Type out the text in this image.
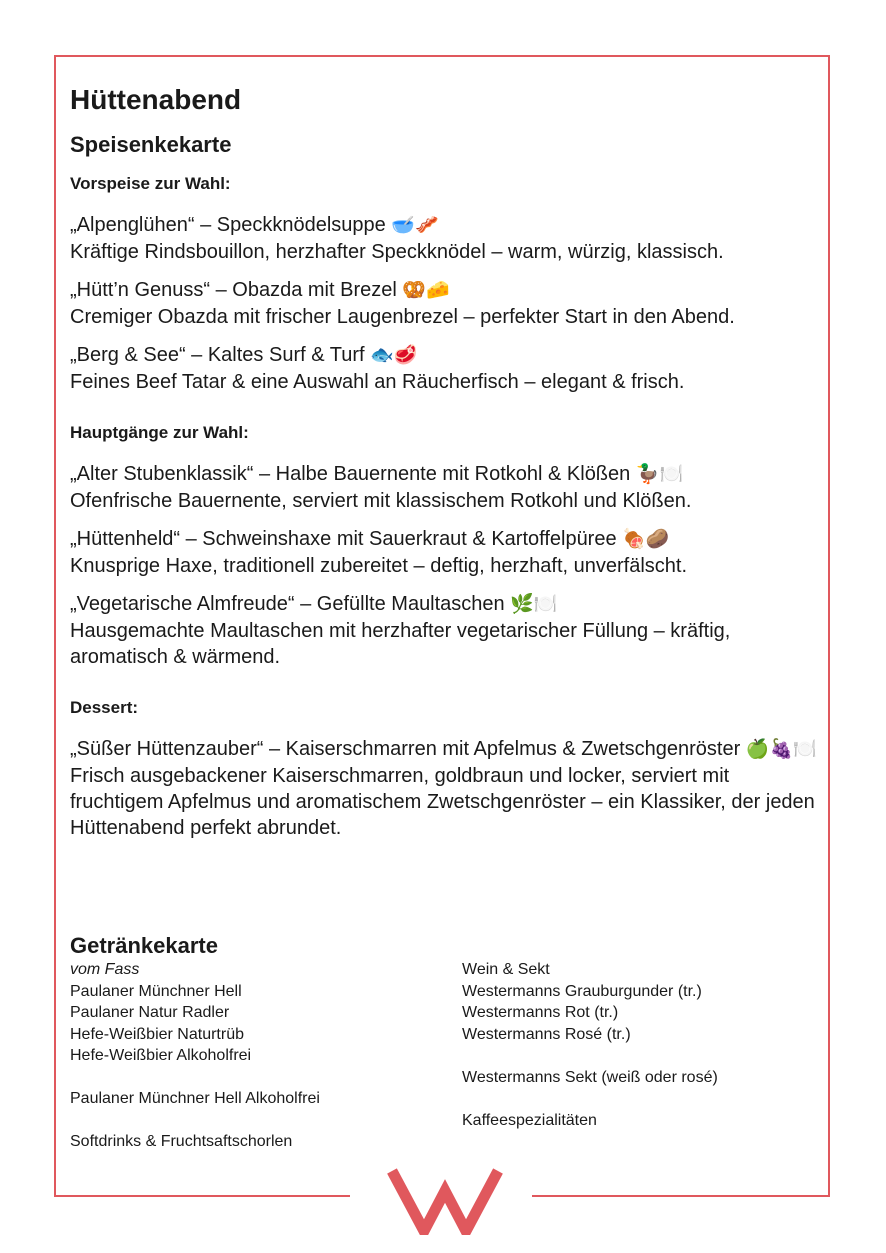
Hüttenabend
Speisenkekarte
Vorspeise zur Wahl:
„Alpenglühen“ – Speckknödelsuppe 🥣🥓
Kräftige Rindsbouillon, herzhafter Speckknödel – warm, würzig, klassisch.
„Hütt’n Genuss“ – Obazda mit Brezel 🥨🧀
Cremiger Obazda mit frischer Laugenbrezel – perfekter Start in den Abend.
„Berg & See“ – Kaltes Surf & Turf 🐟🥩
Feines Beef Tatar & eine Auswahl an Räucherfisch – elegant & frisch.
Hauptgänge zur Wahl:
„Alter Stubenklassik“ – Halbe Bauernente mit Rotkohl & Klößen 🦆🍽️
Ofenfrische Bauernente, serviert mit klassischem Rotkohl und Klößen.
„Hüttenheld“ – Schweinshaxe mit Sauerkraut & Kartoffelpüree 🍖🥔
Knusprige Haxe, traditionell zubereitet – deftig, herzhaft, unverfälscht.
„Vegetarische Almfreude“ – Gefüllte Maultaschen 🌿🍽️
Hausgemachte Maultaschen mit herzhafter vegetarischer Füllung – kräftig, aromatisch & wärmend.
Dessert:
„Süßer Hüttenzauber“ – Kaiserschmarren mit Apfelmus & Zwetschgenröster 🍏🍇🍽️ Frisch ausgebackener Kaiserschmarren, goldbraun und locker, serviert mit fruchtigem Apfelmus und aromatischem Zwetschgenröster – ein Klassiker, der jeden Hüttenabend perfekt abrundet.
Getränkekarte
vom Fass
Paulaner Münchner Hell
Paulaner Natur Radler
Hefe-Weißbier Naturtrüb
Hefe-Weißbier Alkoholfrei
Paulaner Münchner Hell Alkoholfrei
Softdrinks & Fruchtsaftschorlen
Wein & Sekt
Westermanns Grauburgunder (tr.)
Westermanns Rot (tr.)
Westermanns Rosé (tr.)
Westermanns Sekt (weiß oder rosé)
Kaffeespezialitäten
